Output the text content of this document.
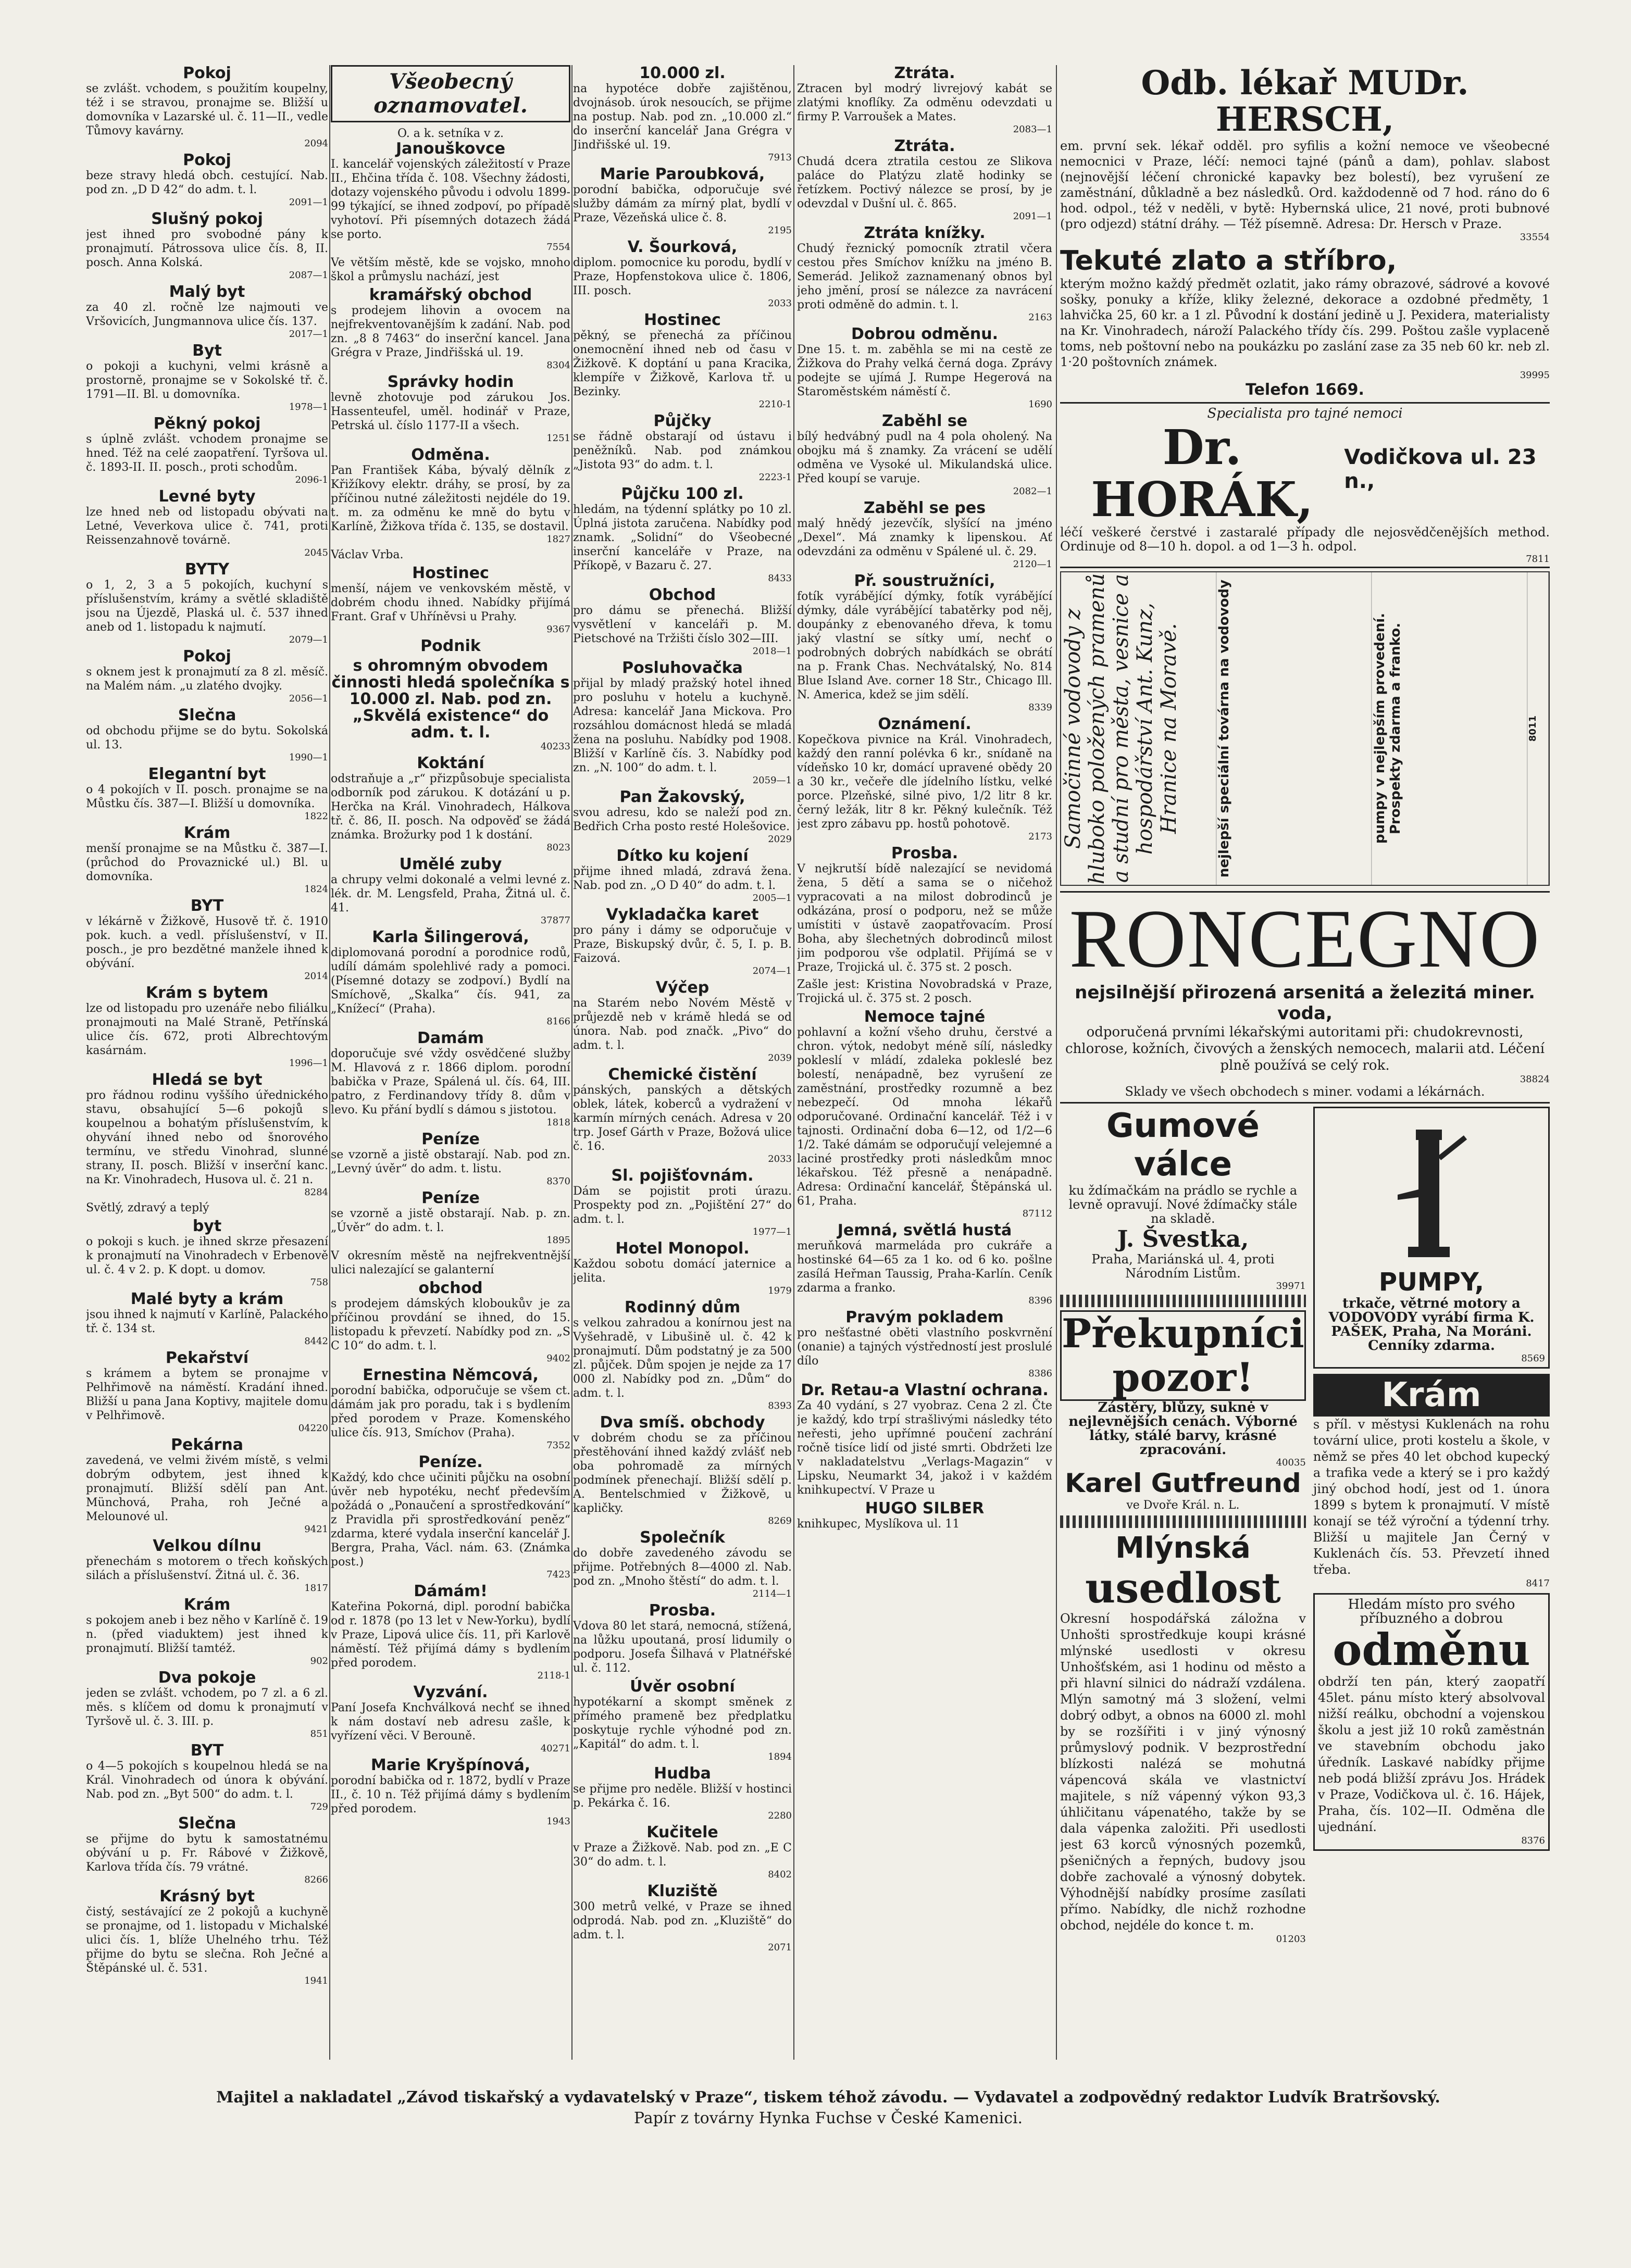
Pokoj

se zvlášt. vchodem, s použitím koupelny, též i se stravou, pronajme se. Bližší u domovníka v Lazarské ul. č. 11—II., vedle Tůmovy kavárny.

2094

Pokoj

beze stravy hledá obch. cestující. Nab. pod zn. „D D 42“ do adm. t. l.

2091—1

Slušný pokoj

jest ihned pro svobodné pány k pronajmutí. Pátrossova ulice čís. 8, II. posch. Anna Kolská.

2087—1

Malý byt

za 40 zl. ročně lze najmouti ve Vršovicích, Jungmannova ulice čís. 137.

2017—1

Byt

o pokoji a kuchyni, velmi krásně a prostorně, pronajme se v Sokolské tř. č. 1791—II. Bl. u domovníka.

1978—1

Pěkný pokoj

s úplně zvlášt. vchodem pronajme se hned. Též na celé zaopatření. Tyršova ul. č. 1893-II. II. posch., proti schodům.

2096-1

Levné byty

lze hned neb od listopadu obývati na Letné, Veverkova ulice č. 741, proti Reissenzahnově továrně.

2045

BYTY

o 1, 2, 3 a 5 pokojích, kuchyní s příslušenstvím, krámy a světlé skladiště jsou na Újezdě, Plaská ul. č. 537 ihned aneb od 1. listopadu k najmutí.

2079—1

Pokoj

s oknem jest k pronajmutí za 8 zl. měsíč. na Malém nám. „u zlatého dvojky.

2056—1

Slečna

od obchodu přijme se do bytu. Sokolská ul. 13.

1990—1

Elegantní byt

o 4 pokojích v II. posch. pronajme se na Můstku čís. 387—I. Bližší u domovníka.

1822

Krám

menší pronajme se na Můstku č. 387—I. (průchod do Provaznické ul.) Bl. u domovníka.

1824

BYT

v lékárně v Žižkově, Husově tř. č. 1910 pok. kuch. a vedl. příslušenství, v II. posch., je pro bezdětné manžele ihned k obývání.

2014

Krám s bytem

lze od listopadu pro uzenáře nebo filiálku pronajmouti na Malé Straně, Petřínská ulice čís. 672, proti Albrechtovým kasárnám.

1996—1

Hledá se byt

pro řádnou rodinu vyššího úřednického stavu, obsahující 5—6 pokojů s koupelnou a bohatým příslušenstvím, k ohyvání ihned nebo od šnorového termínu, ve středu Vinohrad, slunné strany, II. posch. Bližší v inserční kanc. na Kr. Vinohradech, Husova ul. č. 21 n.

8284

Světlý, zdravý a teplý

byt

o pokoji s kuch. je ihned skrze přesazení k pronajmutí na Vinohradech v Erbenově ul. č. 4 v 2. p. K dopt. u domov.

758

Malé byty a krám

jsou ihned k najmutí v Karlíně, Palackého tř. č. 134 st.

8442

Pekařství

s krámem a bytem se pronajme v Pelhřimově na náměstí. Kradání ihned. Bližší u pana Jana Koptivy, majitele domu v Pelhřimově.

04220

Pekárna

zavedená, ve velmi živém místě, s velmi dobrým odbytem, jest ihned k pronajmutí. Bližší sdělí pan Ant. Münchová, Praha, roh Ječné a Melounové ul.

9421

Velkou dílnu

přenechám s motorem o třech koňských silách a příslušenství. Žitná ul. č. 36.

1817

Krám

s pokojem aneb i bez něho v Karlíně č. 19 n. (před viaduktem) jest ihned k pronajmutí. Bližší tamtéž.

902

Dva pokoje

jeden se zvlášt. vchodem, po 7 zl. a 6 zl. měs. s klíčem od domu k pronajmutí v Tyršově ul. č. 3. III. p.

851

BYT

o 4—5 pokojích s koupelnou hledá se na Král. Vinohradech od února k obývání. Nab. pod zn. „Byt 500“ do adm. t. l.

729

Slečna

se přijme do bytu k samostatnému obývání u p. Fr. Rábové v Žižkově, Karlova třída čís. 79 vrátné.

8266

Krásný byt

čistý, sestávající ze 2 pokojů a kuchyně se pronajme, od 1. listopadu v Michalské ulici čís. 1, blíže Uhelného trhu. Též přijme do bytu se slečna. Roh Ječné a Štěpánské ul. č. 531.

1941

Všeobecný oznamovatel.

O. a k. setníka v z.

Janouškovce

I. kancelář vojenských záležitostí v Praze II., Ehčina třída č. 108. Všechny žádosti, dotazy vojenského původu i odvolu 1899-99 týkající, se ihned zodpoví, po případě vyhotoví. Při písemných dotazech žádá se porto.

7554

Ve větším městě, kde se vojsko, mnoho škol a průmyslu nachází, jest

kramářský obchod

s prodejem lihovin a ovocem na nejfrekventovanějším k zadání. Nab. pod zn. „8 8 7463“ do inserční kancel. Jana Grégra v Praze, Jindřišská ul. 19.

8304

Správky hodin

levně zhotovuje pod zárukou Jos. Hassenteufel, uměl. hodinář v Praze, Petrská ul. číslo 1177-II a všech.

1251

Odměna.

Pan František Kába, bývalý dělník z Křižíkovy elektr. dráhy, se prosí, by za příčinou nutné záležitosti nejdéle do 19. t. m. za odměnu ke mně do bytu v Karlíně, Žižkova třída č. 135, se dostavil.

1827

Václav Vrba.

Hostinec

menší, nájem ve venkovském městě, v dobrém chodu ihned. Nabídky přijímá Frant. Graf v Uhříněvsi u Prahy.

9367

Podnik

s ohromným obvodem činnosti hledá společníka s 10.000 zl. Nab. pod zn. „Skvělá existence“ do adm. t. l.

40233

Koktání

odstraňuje a „r“ přizpůsobuje specialista odborník pod zárukou. K dotázání u p. Herčka na Král. Vinohradech, Hálkova tř. č. 86, II. posch. Na odpověď se žádá známka. Brožurky pod 1 k dostání.

8023

Umělé zuby

a chrupy velmi dokonalé a velmi levné z. lék. dr. M. Lengsfeld, Praha, Žitná ul. č. 41.

37877

Karla Šilingerová,

diplomovaná porodní a porodnice rodů, udílí dámám spolehlivé rady a pomoci. (Písemné dotazy se zodpoví.) Bydlí na Smíchově, „Skalka“ čís. 941, za „Knížecí“ (Praha).

8166

Damám

doporučuje své vždy osvědčené služby M. Hlavová z r. 1866 diplom. porodní babička v Praze, Spálená ul. čís. 64, III. patro, z Ferdinandovy třídy 8. dům v levo. Ku přání bydlí s dámou s jistotou.

1818

Peníze

se vzorně a jistě obstarají. Nab. pod zn. „Levný úvěr“ do adm. t. listu.

8370

Peníze

se vzorně a jistě obstarají. Nab. p. zn. „Úvěr“ do adm. t. l.

1895

V okresním městě na nejfrekventnější ulici nalezající se galanterní

obchod

s prodejem dámských kloboukův je za příčinou provdání se ihned, do 15. listopadu k převzetí. Nabídky pod zn. „S C 10“ do adm. t. l.

9402

Ernestina Němcová,

porodní babička, odporučuje se všem ct. dámám jak pro poradu, tak i s bydlením před porodem v Praze. Komenského ulice čís. 913, Smíchov (Praha).

7352

Peníze.

Každý, kdo chce učiniti půjčku na osobní úvěr neb hypotéku, nechť především požádá o „Ponaučení a sprostředkování“ z Pravidla při sprostředkování peněz“ zdarma, které vydala inserční kancelář J. Bergra, Praha, Václ. nám. 63. (Známka post.)

7423

Dámám!

Kateřina Pokorná, dipl. porodní babička od r. 1878 (po 13 let v New-Yorku), bydlí v Praze, Lipová ulice čís. 11, při Karlově náměstí. Též přijímá dámy s bydlením před porodem.

2118-1

Vyzvání.

Paní Josefa Knchválková nechť se ihned k nám dostaví neb adresu zašle, k vyřízení věci. V Berouně.

40271

Marie Kryšpínová,

porodní babička od r. 1872, bydlí v Praze II., č. 10 n. Též přijímá dámy s bydlením před porodem.

1943

10.000 zl.

na hypotéce dobře zajištěnou, dvojnásob. úrok nesoucích, se přijme na postup. Nab. pod zn. „10.000 zl.“ do inserční kancelář Jana Grégra v Jindřišské ul. 19.

7913

Marie Paroubková,

porodní babička, odporučuje své služby dámám za mírný plat, bydlí v Praze, Vězeňská ulice č. 8.

2195

V. Šourková,

diplom. pomocnice ku porodu, bydlí v Praze, Hopfenstokova ulice č. 1806, III. posch.

2033

Hostinec

pěkný, se přenechá za příčinou onemocnění ihned neb od času v Žižkově. K doptání u pana Kracika, klempíře v Žižkově, Karlova tř. u Bezinky.

2210-1

Půjčky

se řádně obstarají od ústavu i peněžníků. Nab. pod známkou „Jistota 93“ do adm. t. l.

2223-1

Půjčku 100 zl.

hledám, na týdenní splátky po 10 zl. Úplná jistota zaručena. Nabídky pod znamk. „Solidní“ do Všeobecné inserční kanceláře v Praze, na Příkopě, v Bazaru č. 27.

8433

Obchod

pro dámu se přenechá. Bližší vysvětlení v kanceláři p. M. Pietschové na Tržišti číslo 302—III.

2018—1

Posluhovačka

přijal by mladý pražský hotel ihned pro posluhu v hotelu a kuchyně. Adresa: kancelář Jana Mickova. Pro rozsáhlou domácnost hledá se mladá žena na posluhu. Nabídky pod 1908. Bližší v Karlíně čís. 3. Nabídky pod zn. „N. 100“ do adm. t. l.

2059—1

Pan Žakovský,

svou adresu, kdo se naleží pod zn. Bedřich Crha posto resté Holešovice.

2029

Dítko ku kojení

přijme ihned mladá, zdravá žena. Nab. pod zn. „O D 40“ do adm. t. l.

2005—1

Vykladačka karet

pro pány i dámy se odporučuje v Praze, Biskupský dvůr, č. 5, I. p. B. Faizová.

2074—1

Výčep

na Starém nebo Novém Městě v průjezdě neb v krámě hledá se od února. Nab. pod značk. „Pivo“ do adm. t. l.

2039

Chemické čistění

pánských, panských a dětských oblek, látek, koberců a vydražení v karmín mírných cenách. Adresa v 20 trp. Josef Gárth v Praze, Božová ulice č. 16.

2033

Sl. pojišťovnám.

Dám se pojistit proti úrazu. Prospekty pod zn. „Pojištění 27“ do adm. t. l.

1977—1

Hotel Monopol.

Každou sobotu domácí jaternice a jelita.

1979

Rodinný dům

s velkou zahradou a konírnou jest na Vyšehradě, v Libušině ul. č. 42 k pronajmutí. Dům podstatný je za 500 zl. půjček. Dům spojen je nejde za 17 000 zl. Nabídky pod zn. „Dům“ do adm. t. l.

8393

Dva smíš. obchody

v dobrém chodu se za příčinou přestěhování ihned každý zvlášť neb oba pohromadě za mírných podmínek přenechají. Bližší sdělí p. A. Bentelschmied v Žižkově, u kapličky.

8269

Společník

do dobře zavedeného závodu se přijme. Potřebných 8—4000 zl. Nab. pod zn. „Mnoho štěstí“ do adm. t. l.

2114—1

Prosba.

Vdova 80 let stará, nemocná, stížená, na lůžku upoutaná, prosí lidumily o podporu. Josefa Šilhavá v Platnéřské ul. č. 112.

Úvěr osobní

hypotékarní a skompt směnek z přímého prameně bez předplatku poskytuje rychle výhodné pod zn. „Kapitál“ do adm. t. l.

1894

Hudba

se přijme pro neděle. Bližší v hostinci p. Pekárka č. 16.

2280

Kučitele

v Praze a Žižkově. Nab. pod zn. „E C 30“ do adm. t. l.

8402

Kluziště

300 metrů velké, v Praze se ihned odprodá. Nab. pod zn. „Kluziště“ do adm. t. l.

2071

Ztráta.

Ztracen byl modrý livrejový kabát se zlatými knoflíky. Za odměnu odevzdati u firmy P. Varroušek a Mates.

2083—1

Ztráta.

Chudá dcera ztratila cestou ze Slikova paláce do Platýzu zlatě hodinky se řetízkem. Poctivý nálezce se prosí, by je odevzdal v Dušní ul. č. 865.

2091—1

Ztráta knížky.

Chudý řeznický pomocník ztratil včera cestou přes Smíchov knížku na jméno B. Semerád. Jelikož zaznamenaný obnos byl jeho jmění, prosí se nálezce za navrácení proti odměně do admin. t. l.

2163

Dobrou odměnu.

Dne 15. t. m. zaběhla se mi na cestě ze Žižkova do Prahy velká černá doga. Zprávy podejte se ujímá J. Rumpe Hegerová na Staroměstském náměstí č.

1690

Zaběhl se

bílý hedvábný pudl na 4 pola oholený. Na obojku má š znamky. Za vrácení se udělí odměna ve Vysoké ul. Mikulandská ulice. Před koupí se varuje.

2082—1

Zaběhl se pes

malý hnědý jezevčík, slyšící na jméno „Dexel“. Má znamky k lipenskou. Ať odevzdáni za odměnu v Spálené ul. č. 29.

2120—1

Př. soustružníci,

fotík vyrábějící dýmky, fotík vyrábějící dýmky, dále vyrábějící tabatěrky pod něj, doupánky z ebenovaného dřeva, k tomu jaký vlastní se sítky umí, nechť o podrobných dobrých nabídkách se obrátí na p. Frank Chas. Nechvátalský, No. 814 Blue Island Ave. corner 18 Str., Chicago Ill. N. America, kdež se jim sdělí.

8339

Oznámení.

Kopečkova pivnice na Král. Vinohradech, každý den ranní polévka 6 kr., snídaně na vídeňsko 10 kr, domácí upravené obědy 20 a 30 kr., večeře dle jídelního lístku, velké porce. Plzeňské, silné pivo, 1/2 litr 8 kr. černý ležák, litr 8 kr. Pěkný kulečník. Též jest zpro zábavu pp. hostů pohotově.

2173

Prosba.

V nejkrutší bídě nalezající se nevidomá žena, 5 dětí a sama se o ničehož vypracovati a na milost dobrodinců je odkázána, prosí o podporu, než se může umístiti v ústavě zaopatřovacím. Prosí Boha, aby šlechetných dobrodinců milost jim podporou vše odplatil. Přijímá se v Praze, Trojická ul. č. 375 st. 2 posch.

Zašle jest: Kristina Novobradská v Praze, Trojická ul. č. 375 st. 2 posch.

Nemoce tajné

pohlavní a kožní všeho druhu, čerstvé a chron. výtok, nedobyt méně sílí, následky pokleslí v mládí, zdaleka pokleslé bez bolestí, nenápadně, bez vyrušení ze zaměstnání, prostředky rozumně a bez nebezpečí. Od mnoha lékařů odporučované. Ordinační kancelář. Též i v tajnosti. Ordinační doba 6—12, od 1/2—6 1/2. Také dámám se odporučují velejemné a laciné prostředky proti následkům mnoc lékařskou. Též přesně a nenápadně. Adresa: Ordinační kancelář, Štěpánská ul. 61, Praha.

87112

Jemná, světlá hustá

meruňková marmeláda pro cukráře a hostinské 64—65 za 1 ko. od 6 ko. pošlne zasílá Heřman Taussig, Praha-Karlín. Ceník zdarma a franko.

8396

Pravým pokladem

pro nešťastné oběti vlastního poskvrnění (onanie) a tajných výstředností jest proslulé dílo

8386

Dr. Retau-a Vlastní ochrana.

Za 40 vydání, s 27 vyobraz. Cena 2 zl. Čte je každý, kdo trpí strašlivými následky této neřesti, jeho upřímné poučení zachrání ročně tisíce lidí od jisté smrti. Obdržeti lze v nakladatelstvu „Verlags-Magazin“ v Lipsku, Neumarkt 34, jakož i v každém knihkupectví. V Praze u

HUGO SILBER

knihkupec, Myslíkova ul. 11

Odb. lékař MUDr. HERSCH,

em. první sek. lékař odděl. pro syfilis a kožní nemoce ve všeobecné nemocnici v Praze, léčí: nemoci tajné (pánů a dam), pohlav. slabost (nejnovější léčení chronické kapavky bez bolestí), bez vyrušení ze zaměstnání, důkladně a bez následků. Ord. každodenně od 7 hod. ráno do 6 hod. odpol., též v neděli, v bytě: Hybernská ulice, 21 nové, proti bubnové (pro odjezd) státní dráhy. — Též písemně. Adresa: Dr. Hersch v Praze.

33554

Tekuté zlato a stříbro,

kterým možno každý předmět ozlatit, jako rámy obrazové, sádrové a kovové sošky, ponuky a kříže, kliky železné, dekorace a ozdobné předměty, 1 lahvička 25, 60 kr. a 1 zl. Původní k dostání jedině u J. Pexidera, materialisty na Kr. Vinohradech, nároží Palackého třídy čís. 299. Poštou zašle vyplaceně toms, neb poštovní nebo na poukázku po zaslání zase za 35 neb 60 kr. neb zl. 1·20 poštovních známek.

39995

Telefon 1669.

Specialista pro tajné nemoci

Dr. HORÁK,
Vodičkova ul. 23 n.,

léčí veškeré čerstvé i zastaralé případy dle nejosvědčenějších method. Ordinuje od 8—10 h. dopol. a od 1—3 h. odpol.

7811

Samočinné vodovody z hluboko položených pramenů a studní pro města, vesnice a hospodářství Ant. Kunz, Hranice na Moravě.	nejlepší speciální továrna na vodovody	pumpy v nejlepším provedení. Prospekty zdarma a franko.	8011

RONCEGNO

nejsilnější přirozená arsenitá a železitá miner. voda,

odporučená prvními lékařskými autoritami při: chudokrevnosti, chlorose, kožních, čivových a ženských nemocech, malarii atd. Léčení plně používá se celý rok.

38824

Sklady ve všech obchodech s miner. vodami a lékárnách.

Gumové válce

ku ždímačkám na prádlo se rychle a levně opravují. Nové ždímačky stále na skladě.

J. Švestka,

Praha, Mariánská ul. 4, proti Národním Listům.

39971

Překupníci pozor!

Zástěry, blůzy, suknė v nejlevnějších cenách. Výborné látky, stálé barvy, krásné zpracování.

40035

Karel Gutfreund

ve Dvoře Král. n. L.

Mlýnská

usedlost

Okresní hospodářská záložna v Unhošti sprostředkuje koupi krásné mlýnské usedlosti v okresu Unhošťském, asi 1 hodinu od město a při hlavní silnici do nádraží vzdálena. Mlýn samotný má 3 složení, velmi dobrý odbyt, a obnos na 6000 zl. mohl by se rozšířiti i v jiný výnosný průmyslový podnik. V bezprostřední blízkosti nalézá se mohutná vápencová skála ve vlastnictví majitele, s níž vápenný výkon 93,3 úhličitanu vápenatého, takže by se dala vápenka založiti. Při usedlosti jest 63 korců výnosných pozemků, pšeničných a řepných, budovy jsou dobře zachovalé a výnosný dobytek. Výhodnější nabídky prosíme zasílati přímo. Nabídky, dle nichž rozhodne obchod, nejdéle do konce t. m.

01203

PUMPY,

trkače, větrné motory a VODOVODY vyrábí firma K. PAŠEK, Praha, Na Moráni. Cenníky zdarma.

8569

Krám

s příl. v městysi Kuklenách na rohu tovární ulice, proti kostelu a škole, v němž se přes 40 let obchod kupecký a trafika vede a který se i pro každý jiný obchod hodí, jest od 1. února 1899 s bytem k pronajmutí. V místě konají se též výroční a týdenní trhy. Bližší u majitele Jan Černý v Kuklenách čís. 53. Převzetí ihned třeba.

8417

Hledám místo pro svého příbuzného a dobrou

odměnu

obdrží ten pán, který zaopatří 45let. pánu místo který absolvoval nižší reálku, obchodní a vojenskou školu a jest již 10 roků zaměstnán ve stavebním obchodu jako úředník. Laskavé nabídky přijme neb podá bližší zprávu Jos. Hrádek v Praze, Vodičkova ul. č. 16. Hájek, Praha, čís. 102—II. Odměna dle ujednání.

8376

Majitel a nakladatel „Závod tiskařský a vydavatelský v Praze“, tiskem téhož závodu. — Vydavatel a zodpovědný redaktor Ludvík Bratršovský.
Papír z továrny Hynka Fuchse v České Kamenici.
